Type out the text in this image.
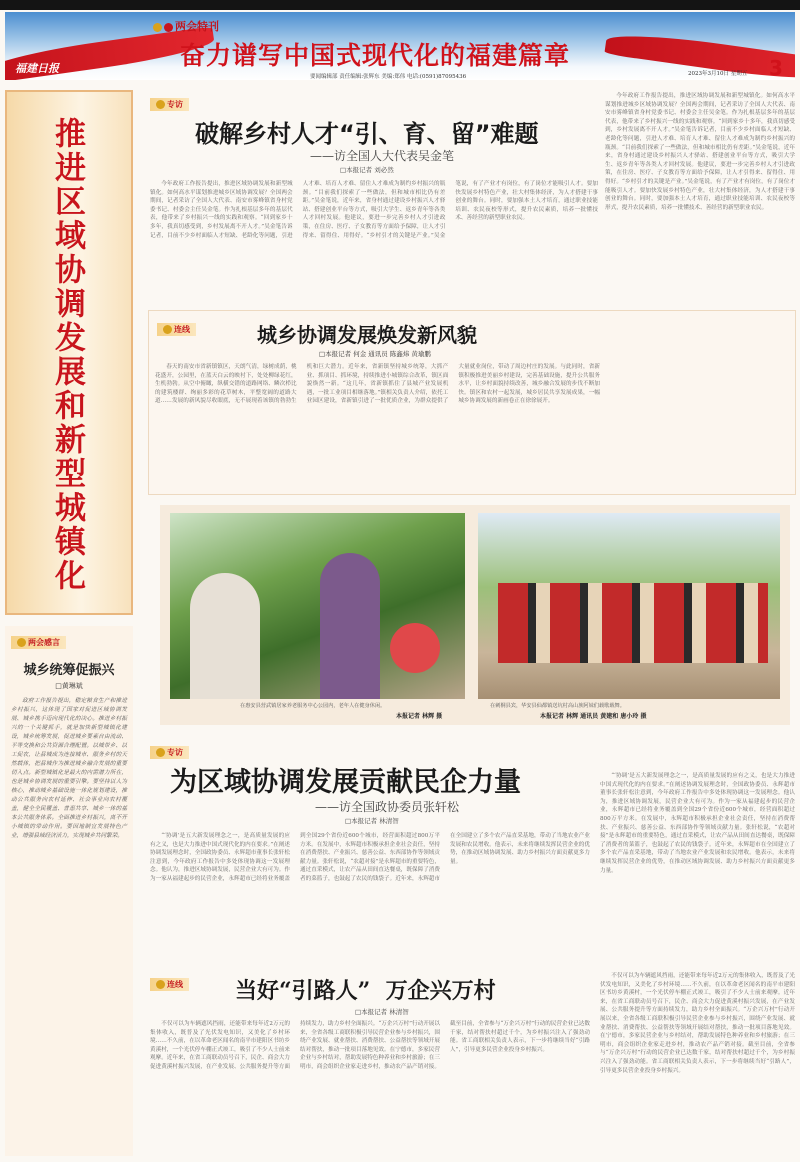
两会特刊
奋力谱写中国式现代化的福建篇章
福建日报
要闻编辑部 责任编辑:张辉东 美编:郑伟 电话:(0591)87095436	2023年3月10日 星期五 3
推进区域协调发展和新型城镇化
两会感言
城乡统筹促振兴
□黄琳斌
政府工作报告提出，稳定粮食生产和推进乡村振兴，这体现了国家对促进区域协调发展、城乡携手迈向现代化的决心。推进乡村振兴的一个关键抓手，就是加快新型城镇化建设，城乡统筹发展，促进城乡要素自由流动、平等交换和公共资源合理配置。以城带乡、以工促农，让县城成为连接城市、服务乡村的天然载体，把县城作为推进城乡融合发展的重要切入点。新型城镇化是最大的内需潜力所在，也是城乡协调发展的重要引擎。要坚持以人为核心，推动城乡基础设施一体化规划建设，推动公共服务向农村延伸、社会事业向农村覆盖，健全全民覆盖、普惠共享、城乡一体的基本公共服务体系。全面推进乡村振兴，离不开小城镇的带动作用。要因地制宜发展特色产业，增强县域经济活力，实现城乡共同繁荣。
专访
破解乡村人才“引、育、留”难题
——访全国人大代表吴金笔
□本报记者 刘必然
今年政府工作报告提出，推进区域协调发展和新型城镇化。如何高水平谋划推进城乡区域协调发展？全国两会期间，记者采访了全国人大代表、南安市雾峰镇省身村党委书记、村委会主任吴金笔。作为扎根基层多年的基层代表，他带来了乡村振兴一线的实践和观察。“回到家乡十多年，我真切感受到，乡村发展离不开人才。”吴金笔告诉记者，目前不少乡村面临人才短缺、老龄化等问题，引进人才难、培育人才难、留住人才难成为制约乡村振兴的瓶颈。“目前我们探索了一些做法，但和城市相比仍有差距。”吴金笔说，近年来，省身村通过建设乡村振兴人才驿站、搭建创业平台等方式，吸引大学生、返乡青年等各类人才回村发展。他建议，要进一步完善乡村人才引进政策，在住房、医疗、子女教育等方面给予保障，让人才引得来、留得住、用得好。“乡村引才的关键是产业。”吴金笔说，有了产业才有岗位，有了岗位才能吸引人才。要加快发展乡村特色产业，壮大村集体经济，为人才搭建干事创业的舞台。同时，要加强本土人才培育，通过职业技能培训、农民夜校等形式，提升农民素质，培养一批懂技术、善经营的新型职业农民。
今年政府工作报告提出，推进区域协调发展和新型城镇化。如何高水平谋划推进城乡区域协调发展？全国两会期间，记者采访了全国人大代表、南安市雾峰镇省身村党委书记、村委会主任吴金笔。作为扎根基层多年的基层代表，他带来了乡村振兴一线的实践和观察。“回到家乡十多年，我真切感受到，乡村发展离不开人才。”吴金笔告诉记者，目前不少乡村面临人才短缺、老龄化等问题，引进人才难、培育人才难、留住人才难成为制约乡村振兴的瓶颈。“目前我们探索了一些做法，但和城市相比仍有差距。”吴金笔说，近年来，省身村通过建设乡村振兴人才驿站、搭建创业平台等方式，吸引大学生、返乡青年等各类人才回村发展。他建议，要进一步完善乡村人才引进政策，在住房、医疗、子女教育等方面给予保障，让人才引得来、留得住、用得好。“乡村引才的关键是产业。”吴金笔说，有了产业才有岗位，有了岗位才能吸引人才。要加快发展乡村特色产业，壮大村集体经济，为人才搭建干事创业的舞台。同时，要加强本土人才培育，通过职业技能培训、农民夜校等形式，提升农民素质，培养一批懂技术、善经营的新型职业农民。
连线	城乡协调发展焕发新风貌
□本报记者 何金 通讯员 陈鑫炜 黄瑜鹏
春天的南安市省新镇镇区，天朗气清，绿树成荫，桃花盛开，公园里，在蓝天白云的映衬下，处处柳绿花红，生机勃勃。从空中俯瞰，纵横交错的道路网络、鳞次栉比的建筑楼群、绚丽多彩的花草树木，平整宽阔的道路大道……发展的新风貌尽收眼底，无不展现着该镇的勃勃生机和巨大潜力。近年来，省新镇坚持城乡统筹，大抓产业、抓项目、抓环境，持续推进小城镇综合改革，镇区面貌焕然一新。“这几年，省新镇抓住了县城产业发展机遇，一批工业项目相继落地。”镇相关负责人介绍，依托工业园区建设，省新镇引进了一批优质企业，为群众提供了大量就业岗位，带动了周边村庄的发展。与此同时，省新镇积极推进美丽乡村建设，完善基础设施，提升公共服务水平，让乡村面貌持续改善，城乡融合发展的步伐不断加快。镇区和农村一起发展，城乡居民共享发展成果，一幅城乡协调发展的新画卷正在徐徐展开。
在惠安县营武镇居家养老服务中心公园内，老年人在健身休闲。
本报记者 林辉 摄
在刺桐县宾，华安县仙都镇送坑村高山族阿妹们载歌载舞。
本报记者 林辉 通讯员 黄建和 唐小玲 摄
专访
为区域协调发展贡献民企力量
——访全国政协委员张轩松
□本报记者 林清智
“‘协调’是五大新发展理念之一，是高质量发展的应有之义，也是大力推进中国式现代化的内在要求。”在阐述协调发展理念时，全国政协委员、永辉超市董事长张轩松注意到，今年政府工作报告中多处体现协调这一发展理念。他认为，推进区域协调发展，民营企业大有可为。作为一家从福建起步的民营企业，永辉超市已经将业务覆盖到全国29个省份近600个城市，经营面积超过800万平方米。在发展中，永辉超市积极承担企业社会责任，坚持在消费帮扶、产业振兴、慈善公益、东西部协作等领域贡献力量。张轩松说，“农超对接”是永辉超市的重要特色，通过直采模式，让农产品从田间直达餐桌，既保障了消费者的菜篮子，也鼓起了农民的钱袋子。近年来，永辉超市在全国建立了多个农产品直采基地，带动了当地农业产业发展和农民增收。他表示，未来将继续发挥民营企业的优势，在推动区域协调发展、助力乡村振兴方面贡献更多力量。
“‘协调’是五大新发展理念之一，是高质量发展的应有之义，也是大力推进中国式现代化的内在要求。”在阐述协调发展理念时，全国政协委员、永辉超市董事长张轩松注意到，今年政府工作报告中多处体现协调这一发展理念。他认为，推进区域协调发展，民营企业大有可为。作为一家从福建起步的民营企业，永辉超市已经将业务覆盖到全国29个省份近600个城市，经营面积超过800万平方米。在发展中，永辉超市积极承担企业社会责任，坚持在消费帮扶、产业振兴、慈善公益、东西部协作等领域贡献力量。张轩松说，“农超对接”是永辉超市的重要特色，通过直采模式，让农产品从田间直达餐桌，既保障了消费者的菜篮子，也鼓起了农民的钱袋子。近年来，永辉超市在全国建立了多个农产品直采基地，带动了当地农业产业发展和农民增收。他表示，未来将继续发挥民营企业的优势，在推动区域协调发展、助力乡村振兴方面贡献更多力量。
连线 当好“引路人”  万企兴万村
□本报记者 林清智
不仅可以为车辆遮风挡雨，还能带来每年近2万元的集体收入，既普及了光伏发电知识，又美化了乡村环境……不久前，在以革命老区闻名的南平市建阳区书坊乡黄溪村，一个光伏停车棚正式竣工，吸引了不少人士前来观摩。近年来，在省工商联动员号召下，民企、商会大力促进黄溪村振兴发展，在产业发展、公共服务提升等方面持续发力，助力乡村全面振兴。“万企兴万村”行动开展以来，全省各级工商联积极引导民营企业参与乡村振兴，围绕产业发展、就业帮扶、消费帮扶、公益帮扶等领域开展结对帮扶，推动一批项目落地见效。在宁德市，多家民营企业与乡村结对，帮助发展特色种养业和乡村旅游；在三明市，商会组织企业家走进乡村，推动农产品产销对接。截至目前，全省参与“万企兴万村”行动的民营企业已达数千家，结对帮扶村超过千个，为乡村振兴注入了强劲动能。省工商联相关负责人表示，下一步将继续当好“引路人”，引导更多民营企业投身乡村振兴。
不仅可以为车辆遮风挡雨，还能带来每年近2万元的集体收入，既普及了光伏发电知识，又美化了乡村环境……不久前，在以革命老区闻名的南平市建阳区书坊乡黄溪村，一个光伏停车棚正式竣工，吸引了不少人士前来观摩。近年来，在省工商联动员号召下，民企、商会大力促进黄溪村振兴发展，在产业发展、公共服务提升等方面持续发力，助力乡村全面振兴。“万企兴万村”行动开展以来，全省各级工商联积极引导民营企业参与乡村振兴，围绕产业发展、就业帮扶、消费帮扶、公益帮扶等领域开展结对帮扶，推动一批项目落地见效。在宁德市，多家民营企业与乡村结对，帮助发展特色种养业和乡村旅游；在三明市，商会组织企业家走进乡村，推动农产品产销对接。截至目前，全省参与“万企兴万村”行动的民营企业已达数千家，结对帮扶村超过千个，为乡村振兴注入了强劲动能。省工商联相关负责人表示，下一步将继续当好“引路人”，引导更多民营企业投身乡村振兴。
